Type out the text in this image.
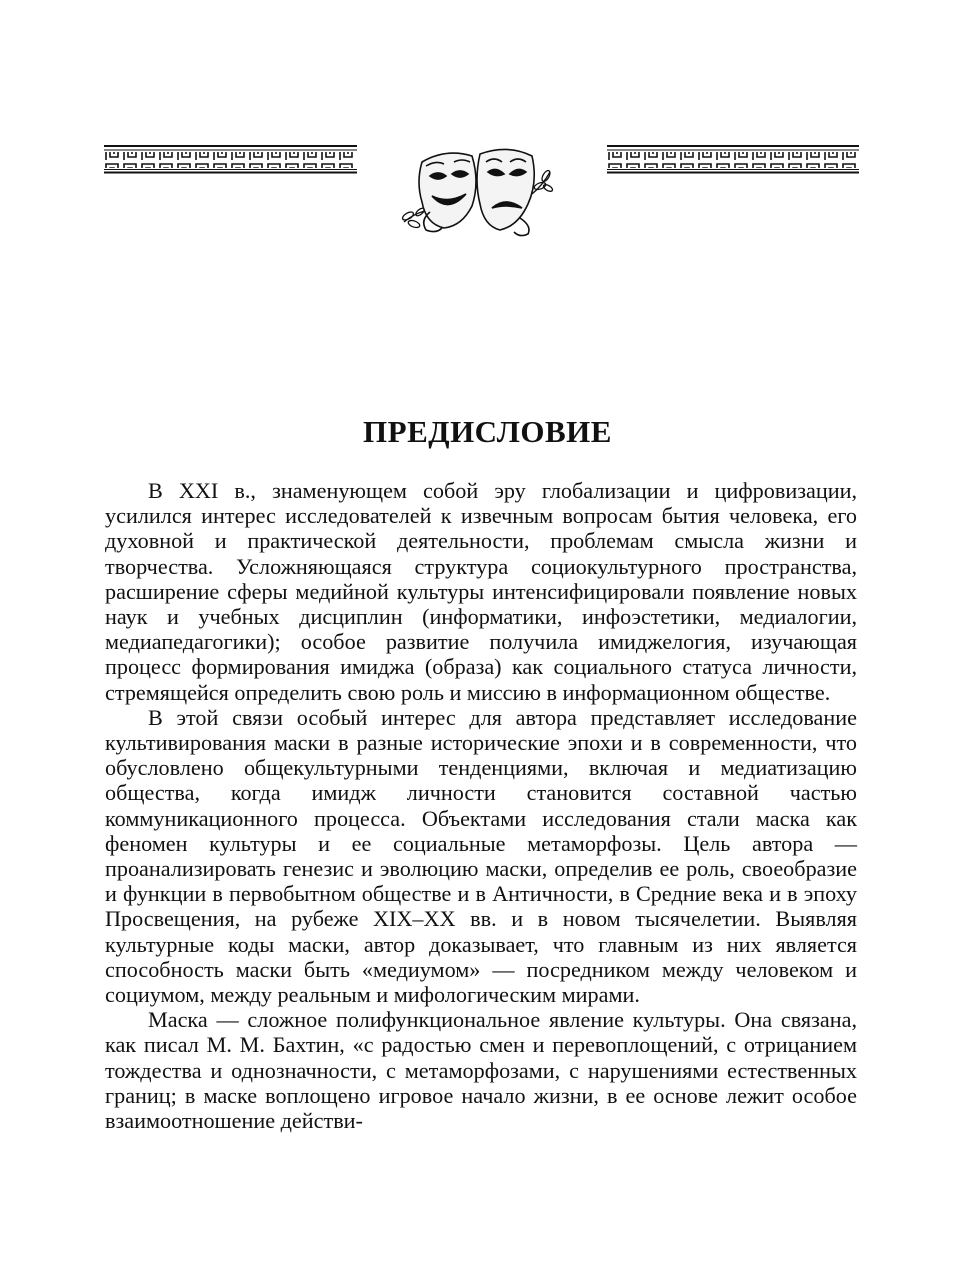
ПРЕДИСЛОВИЕ

В XXI в., знаменующем собой эру глобализации и цифровизации, усилился интерес исследователей к извечным вопросам бытия человека, его духовной и практической деятельности, проблемам смысла жизни и творчества. Усложняющаяся структура социокультурного пространства, расширение сферы медийной культуры интенсифицировали появление новых наук и учебных дисциплин (информатики, инфоэстетики, медиалогии, медиапедагогики); особое развитие получила имиджелогия, изучающая процесс формирования имиджа (образа) как социального статуса личности, стремящейся определить свою роль и миссию в информационном обществе.

В этой связи особый интерес для автора представляет исследование культивирования маски в разные исторические эпохи и в современности, что обусловлено общекультурными тенденциями, включая и медиатизацию общества, когда имидж личности становится составной частью коммуникационного процесса. Объектами исследования стали маска как феномен культуры и ее социальные метаморфозы. Цель автора — проанализировать генезис и эволюцию маски, определив ее роль, своеобразие и функции в первобытном обществе и в Античности, в Средние века и в эпоху Просвещения, на рубеже XIX–XX вв. и в новом тысячелетии. Выявляя культурные коды маски, автор доказывает, что главным из них является способность маски быть «медиумом» — посредником между человеком и социумом, между реальным и мифологическим мирами.

Маска — сложное полифункциональное явление культуры. Она связана, как писал М. М. Бахтин, «с радостью смен и перевоплощений, с отрицанием тождества и однозначности, с метаморфозами, с нарушениями естественных границ; в маске воплощено игровое начало жизни, в ее основе лежит особое взаимоотношение действи-
